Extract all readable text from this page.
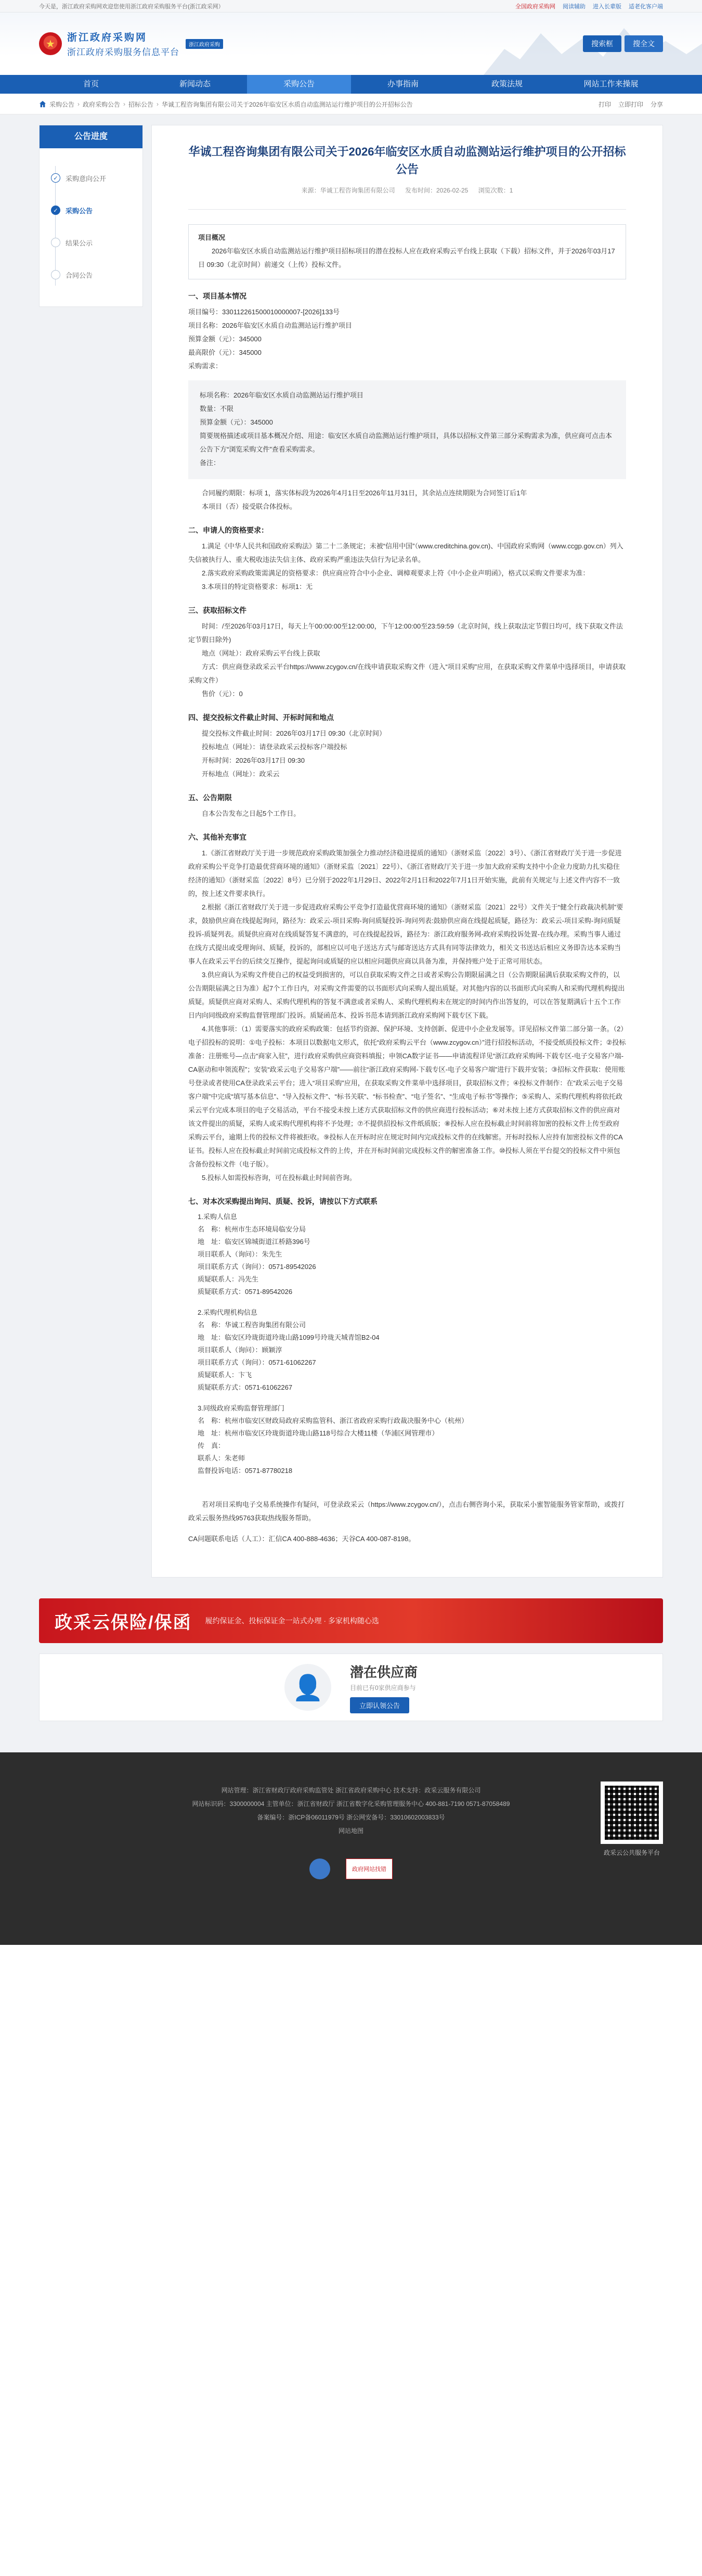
今天是，浙江政府采购网欢迎您使用浙江政府采购服务平台(浙江政采网）	全国政府采购网 阅读辅助 进入长辈版 适老化客户端
★
浙江政府采购网
浙江政府采购服务信息平台
浙江政府采购	搜索框	搜全文
首页	新闻动态	采购公告	办事指南	政策法规	网站工作来操展
采购公告 › 政府采购公告 › 招标公告 › 华诚工程咨询集团有限公司关于2026年临安区水质自动监测站运行维护项目的公开招标公告	打印 立即打印 分享
公告进度
✓	采购意向公开
✓	采购公告
结果公示
合同公告
华诚工程咨询集团有限公司关于2026年临安区水质自动监测站运行维护项目的公开招标公告
来源：华诚工程咨询集团有限公司 发布时间：2026-02-25 浏览次数：1
项目概况
2026年临安区水质自动监测站运行维护项目招标项目的潜在投标人应在政府采购云平台线上获取（下载）招标文件，并于2026年03月17日 09:30（北京时间）前递交（上传）投标文件。
一、项目基本情况
项目编号：330112261500010000007-[2026]133号
项目名称：2026年临安区水质自动监测站运行维护项目
预算金额（元）：345000
最高限价（元）：345000
采购需求：
标项名称：2026年临安区水质自动监测站运行维护项目
数量：不限
预算金额（元）：345000
简要规格描述或项目基本概况介绍、用途：临安区水质自动监测站运行维护项目，具体以招标文件第三部分采购需求为准，供应商可点击本公告下方“浏览采购文件”查看采购需求。
备注：
合同履约期限：标项 1，落实体标段为2026年4月1日至2026年11月31日，其余站点连续期限为合同签订后1年
本项目（否）接受联合体投标。
二、申请人的资格要求：
1.满足《中华人民共和国政府采购法》第二十二条规定；未被“信用中国”（www.creditchina.gov.cn)、中国政府采购网（www.ccgp.gov.cn）列入失信被执行人、重大税收违法失信主体、政府采购严重违法失信行为记录名单。
2.落实政府采购政策需满足的资格要求：供应商应符合中小企业、调樟观要求上符《中小企业声明函》，格式以采购文件要求为准：
3.本项目的特定资格要求：标项1：无
三、获取招标文件
时间：/至2026年03月17日，每天上午00:00:00至12:00:00，下午12:00:00至23:59:59（北京时间，线上获取法定节假日均可，线下获取文件法定节假日除外)
地点（网址）：政府采购云平台线上获取
方式：供应商登录政采云平台https://www.zcygov.cn/在线申请获取采购文件（进入“项目采购”应用，在获取采购文件菜单中选择项目，申请获取采购文件）
售价（元）：0
四、提交投标文件截止时间、开标时间和地点
提交投标文件截止时间：2026年03月17日 09:30（北京时间）
投标地点（网址）：请登录政采云投标客户端投标
开标时间：2026年03月17日 09:30
开标地点（网址）：政采云
五、公告期限
自本公告发布之日起5个工作日。
六、其他补充事宜
1.《浙江省财政厅关于进一步规范政府采购政策加强全力推动经济稳进提质的通知》（浙财采监〔2022〕3号）、《浙江省财政厅关于进一步促进政府采购公平竞争打造最优营商环境的通知》（浙财采监〔2021〕22号）、《浙江省财政厅关于进一步加大政府采购支持中小企业力度助力扎实稳住经济的通知》（浙财采监〔2022〕8号）已分别于2022年1月29日、2022年2月1日和2022年7月1日开始实施，此前有关规定与上述文件内容不一致的，按上述文件要求执行。
2.根据《浙江省财政厅关于进一步促进政府采购公平竞争打造最优营商环境的通知》（浙财采监〔2021〕22号）文件关于“健全行政裁决机制”要求，鼓励供应商在线提起询问，路径为：政采云-项目采购-询问质疑投诉-询问列表:鼓励供应商在线提起质疑，路径为：政采云-项目采购-询问质疑投诉-质疑列表。质疑供应商对在线质疑答复不满意的，可在线提起投诉，路径为：浙江政府服务网-政府采购投诉处置-在线办理。采购当事人通过在线方式提出或受理询问、质疑，投诉的，部相应以可电子送达方式与邮寄送达方式具有同等法律效力，相关文书送达后相应义务即告达本采购当事人在政采云平台的后续交互操作，提起询问或质疑的应以相应问题供应商以具备为准，并保持账户处于正常可用状态。
3.供应商认为采购文件使自己的权益受到损害的，可以自获取采购文件之日或者采购公告期限届满之日（公告期限届满后获取采购文件的，以公告期限届满之日为准）起7个工作日内，对采购文件需要的以书面形式向采购人提出质疑。对其他内容的以书面形式向采购人和采购代理机构提出质疑。质疑供应商对采购人、采购代理机构的答复不满意或者采购人、采购代理机构未在规定的时间内作出答复的，可以在答复期满后十五个工作日内向同级政府采购监督管理部门投诉。质疑函范本、投诉书范本请到浙江政府采购网下载专区下载。
4.其他事项：（1）需要落实的政府采购政策：包括节约资源、保护环境、支持创新、促进中小企业发展等。详见招标文件第二部分第一条。（2）电子招投标的说明：①电子投标：本项目以数据电文形式，依托“政府采购云平台（www.zcygov.cn）”进行招投标活动，不接受纸质投标文件；②投标准备：注册账号—点击“商家入驻”，进行政府采购供应商资料填报；申领CA数字证书——申请流程详见“浙江政府采购网-下载专区-电子交易客户端-CA驱动和申领流程”；安装“政采云电子交易客户端”——前往“浙江政府采购网-下载专区-电子交易客户端”进行下载并安装；③招标文件获取：使用账号登录或者使用CA登录政采云平台；进入“项目采购”应用，在获取采购文件菜单中选择项目，获取招标文件；④投标文件制作：在“政采云电子交易客户端”中完成“填写基本信息”、“导入投标文件”、“标书关联”、“标书检查”、“电子签名”、“生成电子标书”等操作；⑤采购人、采购代理机构将依托政采云平台完成本项目的电子交易活动，平台不接受未按上述方式获取招标文件的供应商进行投标活动；⑥对未按上述方式获取招标文件的供应商对该文件提出的质疑，采购人或采购代理机构将不予处理；⑦不提供招投标文件纸质版；⑧投标人应在投标截止时间前将加密的投标文件上传至政府采购云平台，逾期上传的投标文件将被拒收。⑨投标人在开标时应在规定时间内完成投标文件的在线解密。开标时投标人应持有加密投标文件的CA证书。投标人应在投标截止时间前完成投标文件的上传，并在开标时间前完成投标文件的解密准备工作。⑩投标人须在平台提交的投标文件中须包含备份投标文件（电子版）。
5.投标人如需投标咨询，可在投标截止时间前咨询。
七、对本次采购提出询问、质疑、投诉，请按以下方式联系
1.采购人信息
名　称：杭州市生态环境局临安分局
地　址：临安区锦城街道江桥路396号
项目联系人（询问）：朱先生
项目联系方式（询问）：0571-89542026
质疑联系人：冯先生
质疑联系方式：0571-89542026
2.采购代理机构信息
名　称：华诚工程咨询集团有限公司
地　址：临安区玲珑街道玲珑山路1099号玲珑天城青馆B2-04
项目联系人（询问）：顾颖淳
项目联系方式（询问）：0571-61062267
质疑联系人：卞飞
质疑联系方式：0571-61062267
3.同级政府采购监督管理部门
名　称：杭州市临安区财政局政府采购监管科、浙江省政府采购行政裁决服务中心（杭州）
地　址：杭州市临安区玲珑街道玲珑山路118号综合大楼11楼（华浦区网管理市）
传　真：
联系人：朱老师
监督投诉电话：0571-87780218
若对项目采购电子交易系统操作有疑问，可登录政采云（https://www.zcygov.cn/），点击右侧咨询小采，获取采小蜜智能服务管家帮助，或拨打政采云服务热线95763获取热线服务帮助。
CA问题联系电话（人工）：汇信CA 400-888-4636；天谷CA 400-087-8198。
政采云保险/保函 履约保证金、投标保证金一站式办理 · 多家机构随心选
👤
潜在供应商
目前已有0家供应商参与
立即认领公告
网站管理：浙江省财政厅政府采购监管处 浙江省政府采购中心 技术支持：政采云服务有限公司
网站标识码：3300000004 主管单位：浙江省财政厅 浙江省数字化采购管理服务中心 400-881-7190 0571-87058489
备案编号：浙ICP备06011979号 浙公网安备号：33010602003833号
网站地图
政府网站找错
政采云公共服务平台
